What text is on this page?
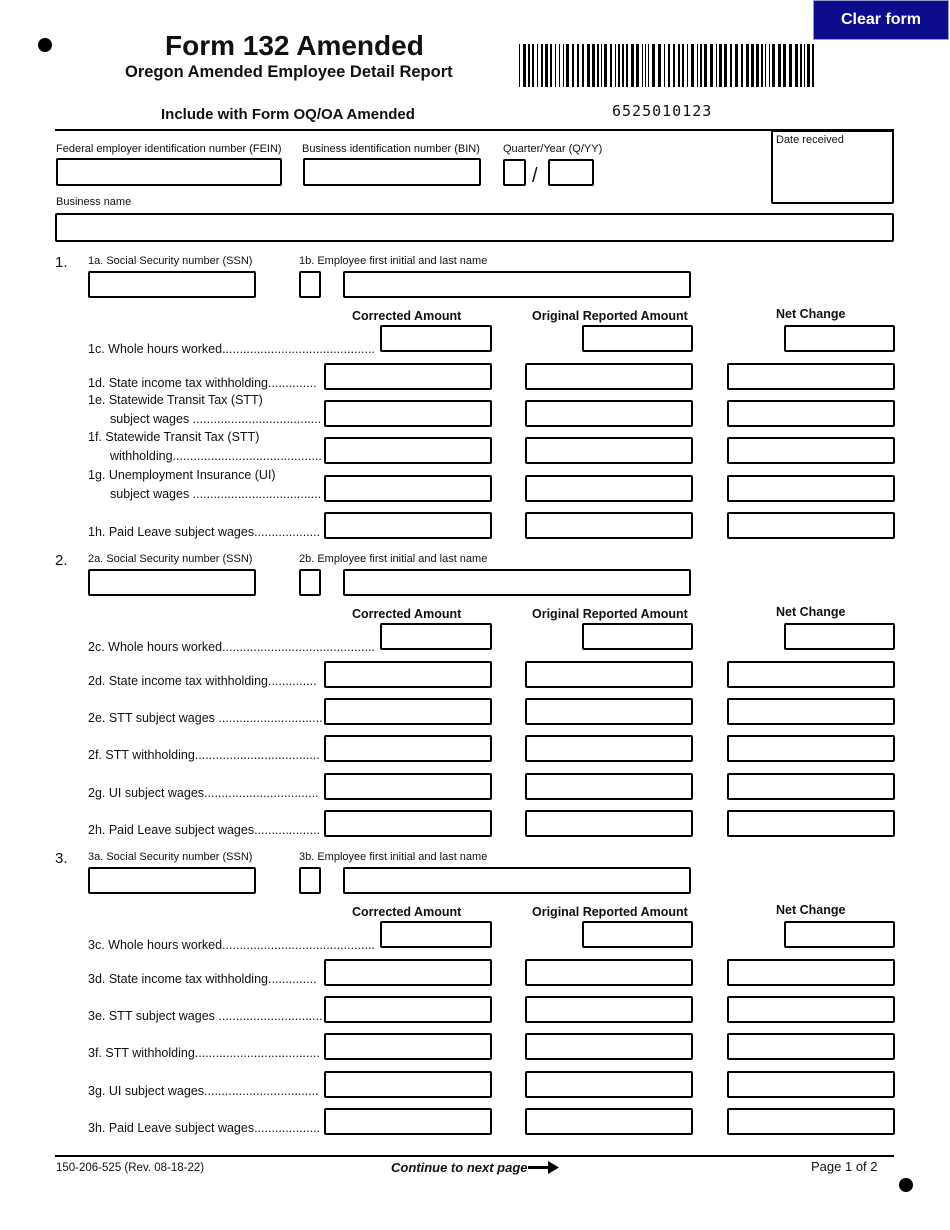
Form 132 Amended
Oregon Amended Employee Detail Report
Include with Form OQ/OA Amended	6525010123
Clear form
Federal employer identification number (FEIN) Business identification number (BIN) Quarter/Year (Q/YY)
/
Date received
Business name
1. 1a. Social Security number (SSN)	1b. Employee first initial and last name
Corrected Amount	Original Reported Amount	Net Change
1c. Whole hours worked............................................
1d. State income tax withholding..............
1e. Statewide Transit Tax (STT)
subject wages .....................................
1f. Statewide Transit Tax (STT)
withholding...........................................
1g. Unemployment Insurance (UI)
subject wages .....................................
1h. Paid Leave subject wages...................
2. 2a. Social Security number (SSN)	2b. Employee first initial and last name
Corrected Amount	Original Reported Amount	Net Change
2c. Whole hours worked............................................
2d. State income tax withholding..............
2e. STT subject wages ..............................
2f. STT withholding....................................
2g. UI subject wages.................................
2h. Paid Leave subject wages...................
3. 3a. Social Security number (SSN)	3b. Employee first initial and last name
Corrected Amount	Original Reported Amount	Net Change
3c. Whole hours worked............................................
3d. State income tax withholding..............
3e. STT subject wages ..............................
3f. STT withholding....................................
3g. UI subject wages.................................
3h. Paid Leave subject wages...................
150-206-525 (Rev. 08-18-22)	Continue to next page	Page 1 of 2
